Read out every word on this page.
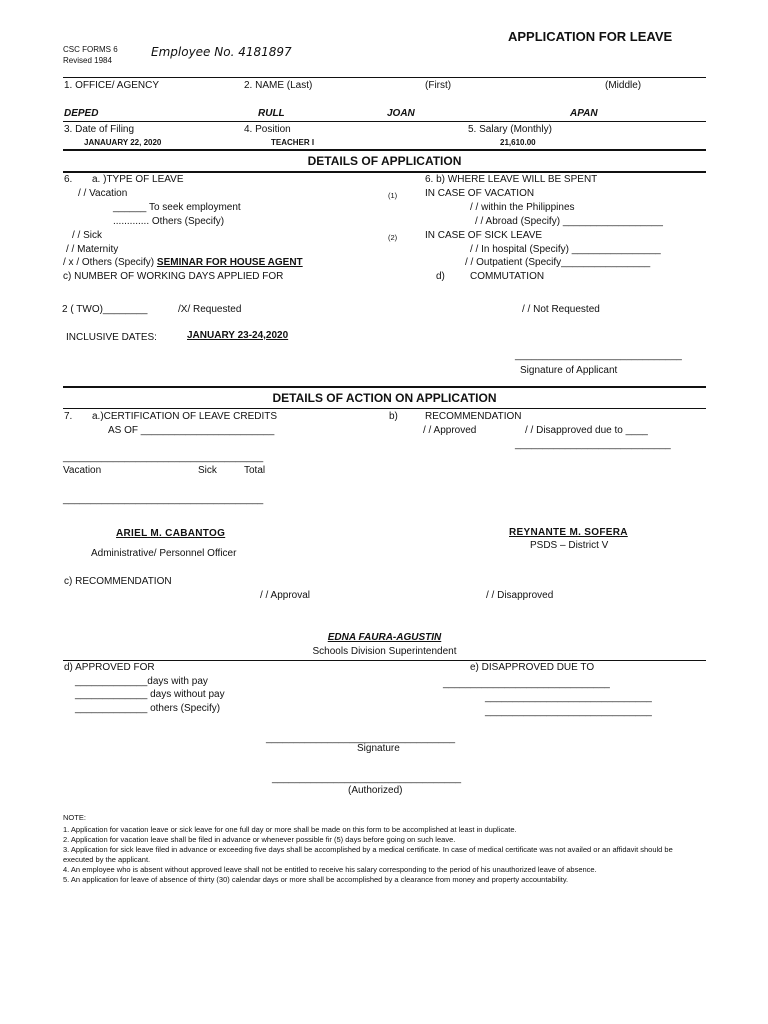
APPLICATION FOR LEAVE
CSC FORMS 6
Revised 1984
Employee No. 4181897
1. OFFICE/ AGENCY	2. NAME (Last)	(First)	(Middle)
DEPED	RULL	JOAN	APAN
3. Date of Filing	4. Position	5. Salary (Monthly)
JANAUARY 22, 2020	TEACHER I	21,610.00
DETAILS OF APPLICATION
6. a. )TYPE OF LEAVE
/ / Vacation
______ To seek employment
............. Others (Specify)
/ / Sick
/ / Maternity
/ x / Others (Specify) SEMINAR FOR HOUSE AGENT
c) NUMBER OF WORKING DAYS APPLIED FOR
2 ( TWO)________	/X/ Requested
INCLUSIVE DATES:	JANUARY 23-24,2020
6. b) WHERE LEAVE WILL BE SPENT
(1)	IN CASE OF VACATION
/ / within the Philippines
/ / Abroad (Specify) __________________
(2)	IN CASE OF SICK LEAVE
/ / In hospital (Specify) ________________
/ / Outpatient (Specify________________
d)	COMMUTATION
/ / Not Requested
______________________________
Signature of Applicant
DETAILS OF ACTION ON APPLICATION
7. a.)CERTIFICATION OF LEAVE CREDITS
AS OF ________________________
____________________________________
Vacation	Sick	Total
____________________________________
b)	RECOMMENDATION
/ / Approved	/ / Disapproved due to ____
____________________________
ARIEL M. CABANTOG
Administrative/ Personnel Officer
REYNANTE M. SOFERA
PSDS – District V
c) RECOMMENDATION
/ / Approval	/ / Disapproved
EDNA FAURA-AGUSTIN
Schools Division Superintendent
d) APPROVED FOR
_____________days with pay
_____________ days without pay
_____________ others (Specify)
e) DISAPPROVED DUE TO
______________________________
______________________________
______________________________
__________________________________
Signature
__________________________________
(Authorized)
NOTE:
1. Application for vacation leave or sick leave for one full day or more shall be made on this form to be accomplished at least in duplicate.
2. Application for vacation leave shall be filed in advance or whenever possible fir (5) days before going on such leave.
3. Application for sick leave filed in advance or exceeding five days shall be accomplished by a medical certificate. In case of medical certificate was not availed or an affidavit should be executed by the applicant.
4. An employee who is absent without approved leave shall not be entitled to receive his salary corresponding to the period of his unauthorized leave of absence.
5. An application for leave of absence of thirty (30) calendar days or more shall be accomplished by a clearance from money and property accountability.
